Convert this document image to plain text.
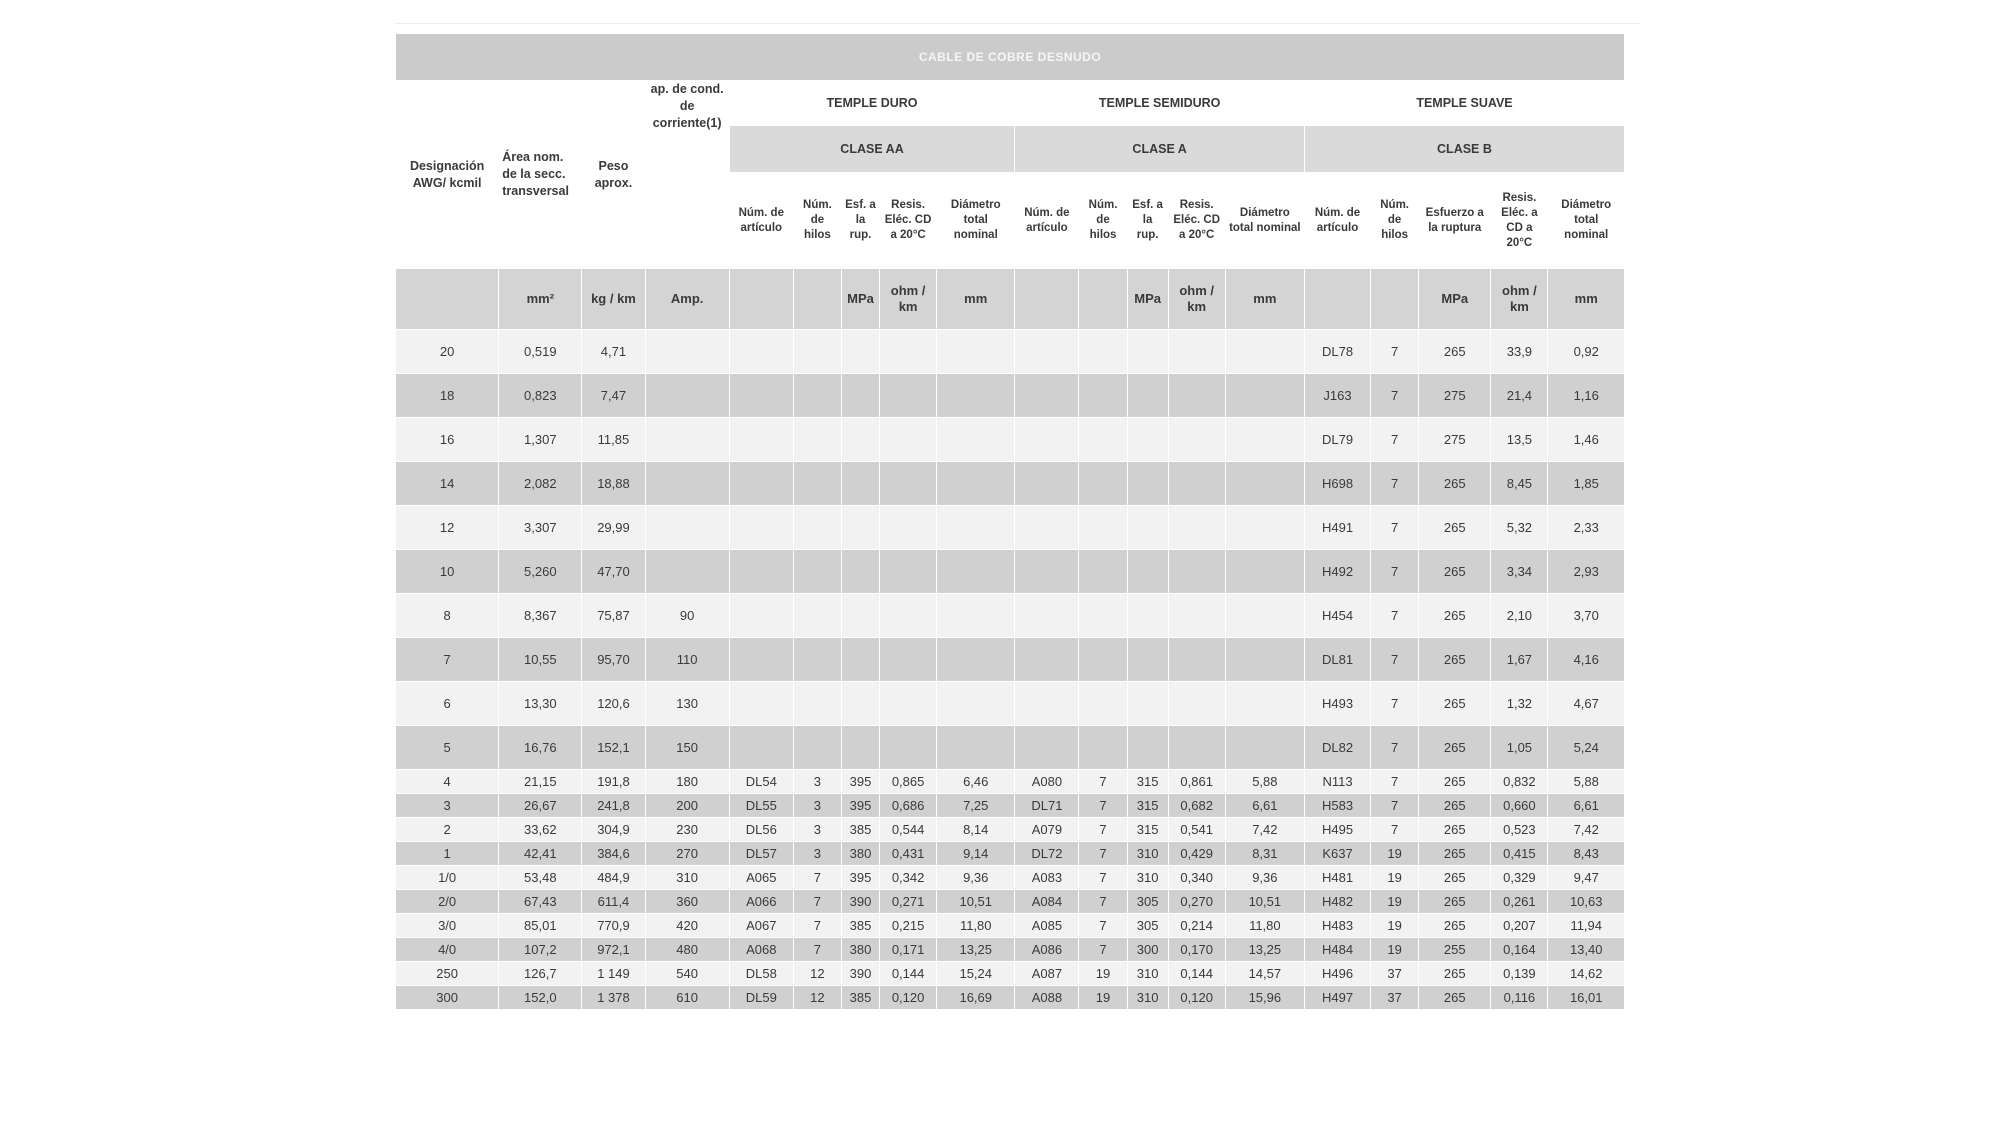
CABLE DE COBRE DESNUDO																		
Designación AWG/ kcmil	Área nom. de la secc. transversal	Peso aprox.	ap. de cond. de corriente(1)	TEMPLE DURO					TEMPLE SEMIDURO					TEMPLE SUAVE				
				CLASE AA					CLASE A					CLASE B				
				Núm. de artículo	Núm. de hilos	Esf. a la rup.	Resis. Eléc. CD a 20°C	Diámetro total nominal	Núm. de artículo	Núm. de hilos	Esf. a la rup.	Resis. Eléc. CD a 20°C	Diámetro total nominal	Núm. de artículo	Núm. de hilos	Esfuerzo a la ruptura	Resis. Eléc. a CD a 20°C	Diámetro total nominal
	mm²	kg / km	Amp.			MPa	ohm / km	mm			MPa	ohm / km	mm			MPa	ohm / km	mm
20	0,519	4,71												DL78	7	265	33,9	0,92
18	0,823	7,47												J163	7	275	21,4	1,16
16	1,307	11,85												DL79	7	275	13,5	1,46
14	2,082	18,88												H698	7	265	8,45	1,85
12	3,307	29,99												H491	7	265	5,32	2,33
10	5,260	47,70												H492	7	265	3,34	2,93
8	8,367	75,87	90											H454	7	265	2,10	3,70
7	10,55	95,70	110											DL81	7	265	1,67	4,16
6	13,30	120,6	130											H493	7	265	1,32	4,67
5	16,76	152,1	150											DL82	7	265	1,05	5,24
4	21,15	191,8	180	DL54	3	395	0,865	6,46	A080	7	315	0,861	5,88	N113	7	265	0,832	5,88
3	26,67	241,8	200	DL55	3	395	0,686	7,25	DL71	7	315	0,682	6,61	H583	7	265	0,660	6,61
2	33,62	304,9	230	DL56	3	385	0,544	8,14	A079	7	315	0,541	7,42	H495	7	265	0,523	7,42
1	42,41	384,6	270	DL57	3	380	0,431	9,14	DL72	7	310	0,429	8,31	K637	19	265	0,415	8,43
1/0	53,48	484,9	310	A065	7	395	0,342	9,36	A083	7	310	0,340	9,36	H481	19	265	0,329	9,47
2/0	67,43	611,4	360	A066	7	390	0,271	10,51	A084	7	305	0,270	10,51	H482	19	265	0,261	10,63
3/0	85,01	770,9	420	A067	7	385	0,215	11,80	A085	7	305	0,214	11,80	H483	19	265	0,207	11,94
4/0	107,2	972,1	480	A068	7	380	0,171	13,25	A086	7	300	0,170	13,25	H484	19	255	0,164	13,40
250	126,7	1 149	540	DL58	12	390	0,144	15,24	A087	19	310	0,144	14,57	H496	37	265	0,139	14,62
300	152,0	1 378	610	DL59	12	385	0,120	16,69	A088	19	310	0,120	15,96	H497	37	265	0,116	16,01
